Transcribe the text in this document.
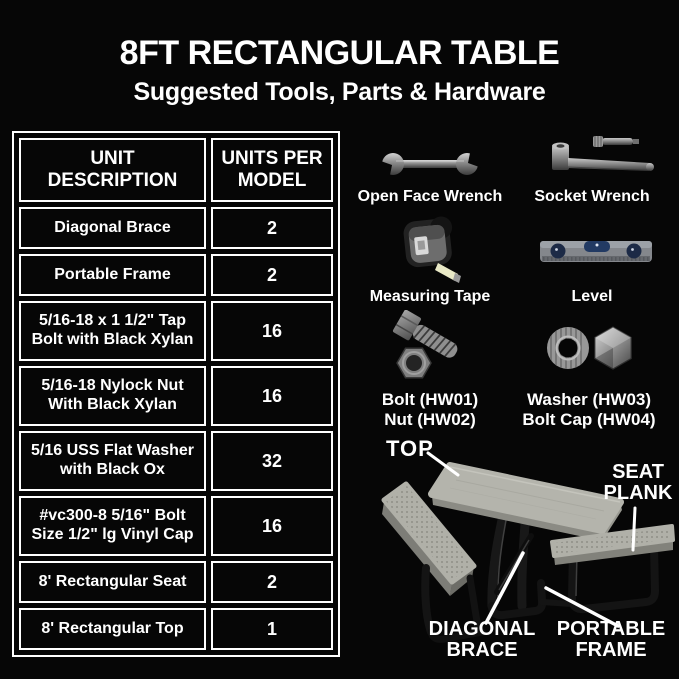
8FT RECTANGULAR TABLE
Suggested Tools, Parts & Hardware
UNIT DESCRIPTION	UNITS PER MODEL
Diagonal Brace	2
Portable Frame	2
5/16-18 x 1 1/2" Tap Bolt with Black Xylan	16
5/16-18 Nylock Nut With Black Xylan	16
5/16 USS Flat Washer with Black Ox	32
#vc300-8 5/16" Bolt Size 1/2" lg Vinyl Cap	16
8' Rectangular Seat	2
8' Rectangular Top	1
Open Face Wrench	Socket Wrench
Measuring Tape	Level
Bolt (HW01)
Nut (HW02)
Washer (HW03)
Bolt Cap (HW04)
TOP
SEAT PLANK
DIAGONAL BRACE
PORTABLE FRAME
